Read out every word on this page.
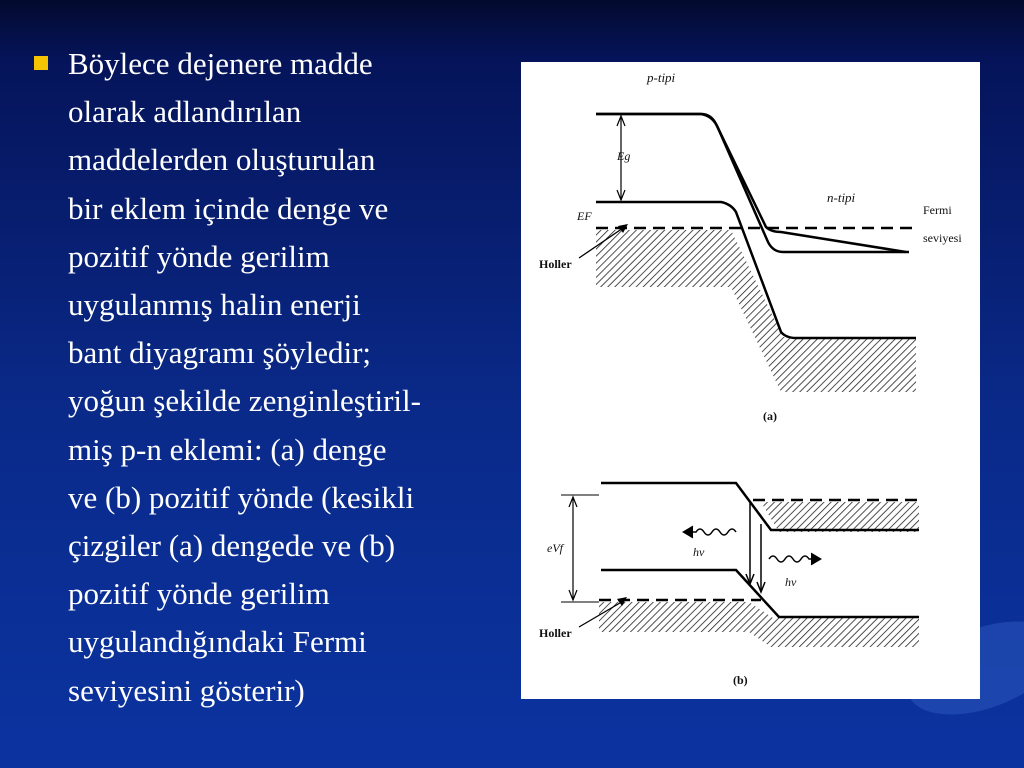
Böylece dejenere madde
olarak adlandırılan
maddelerden oluşturulan
bir eklem içinde denge ve
pozitif yönde gerilim
uygulanmış halin enerji
bant diyagramı şöyledir;
yoğun şekilde zenginleştiril-
miş p-n eklemi: (a) denge
ve (b) pozitif yönde (kesikli
çizgiler (a) dengede ve (b)
pozitif yönde gerilim
uygulandığındaki Fermi
seviyesini gösterir)
p-tipi
n-tipi
Eg
EF	Fermi
seviyesi
Holler
(a)
eVf	hv
hv
Holler
(b)
